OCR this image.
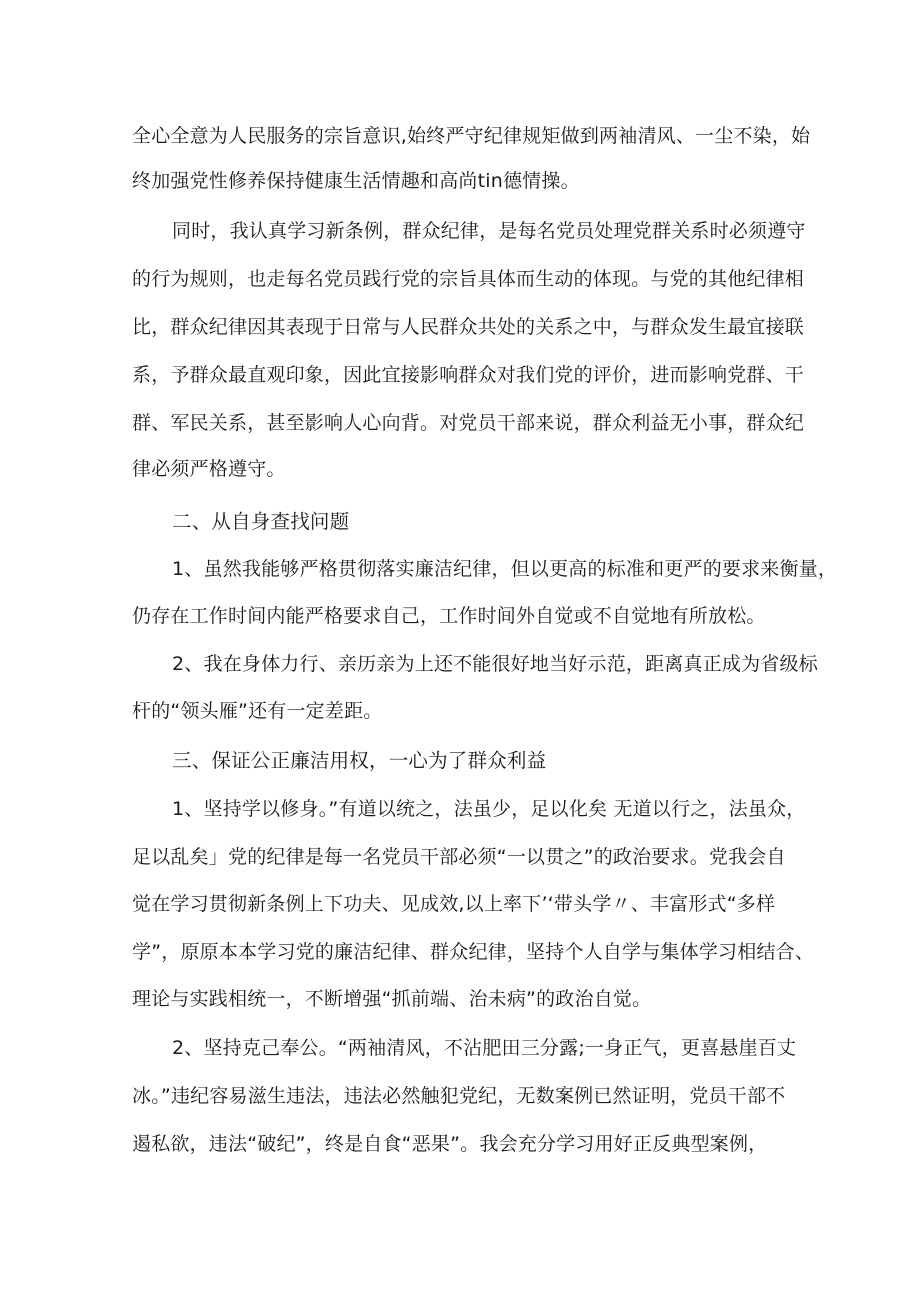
全心全意为人民服务的宗旨意识,始终严守纪律规矩做到两袖清风、一尘不染，始
终加强党性修养保持健康生活情趣和高尚tin德情操。
同时，我认真学习新条例，群众纪律，是每名党员处理党群关系时必须遵守
的行为规则，也走每名党员践行党的宗旨具体而生动的体现。与党的其他纪律相
比，群众纪律因其表现于日常与人民群众共处的关系之中，与群众发生最宜接联
系，予群众最直观印象，因此宜接影响群众对我们党的评价，进而影响党群、干
群、军民关系，甚至影响人心向背。对党员干部来说，群众利益无小事，群众纪
律必须严格遵守。
二、从自身查找问题
1、虽然我能够严格贯彻落实廉洁纪律，但以更高的标准和更严的要求来衡量，
仍存在工作时间内能严格要求自己，工作时间外自觉或不自觉地有所放松。
2、我在身体力行、亲历亲为上还不能很好地当好示范，距离真正成为省级标
杆的“领头雁”还有一定差距。
三、保证公正廉洁用权，一心为了群众利益
1、坚持学以修身。”有道以统之，法虽少，足以化矣 无道以行之，法虽众，
足以乱矣」党的纪律是每一名党员干部必须“一以贯之”的政治要求。党我会自
觉在学习贯彻新条例上下功夫、见成效,以上率下’‘带头学〃、丰富形式“多样
学”，原原本本学习党的廉洁纪律、群众纪律，坚持个人自学与集体学习相结合、
理论与实践相统一，不断增强“抓前端、治未病”的政治自觉。
2、坚持克己奉公。“两袖清风，不沾肥田三分露;一身正气，更喜悬崖百丈
冰。”违纪容易滋生违法，违法必然触犯党纪，无数案例已然证明，党员干部不
遏私欲，违法“破纪”，终是自食“恶果”。我会充分学习用好正反典型案例，
